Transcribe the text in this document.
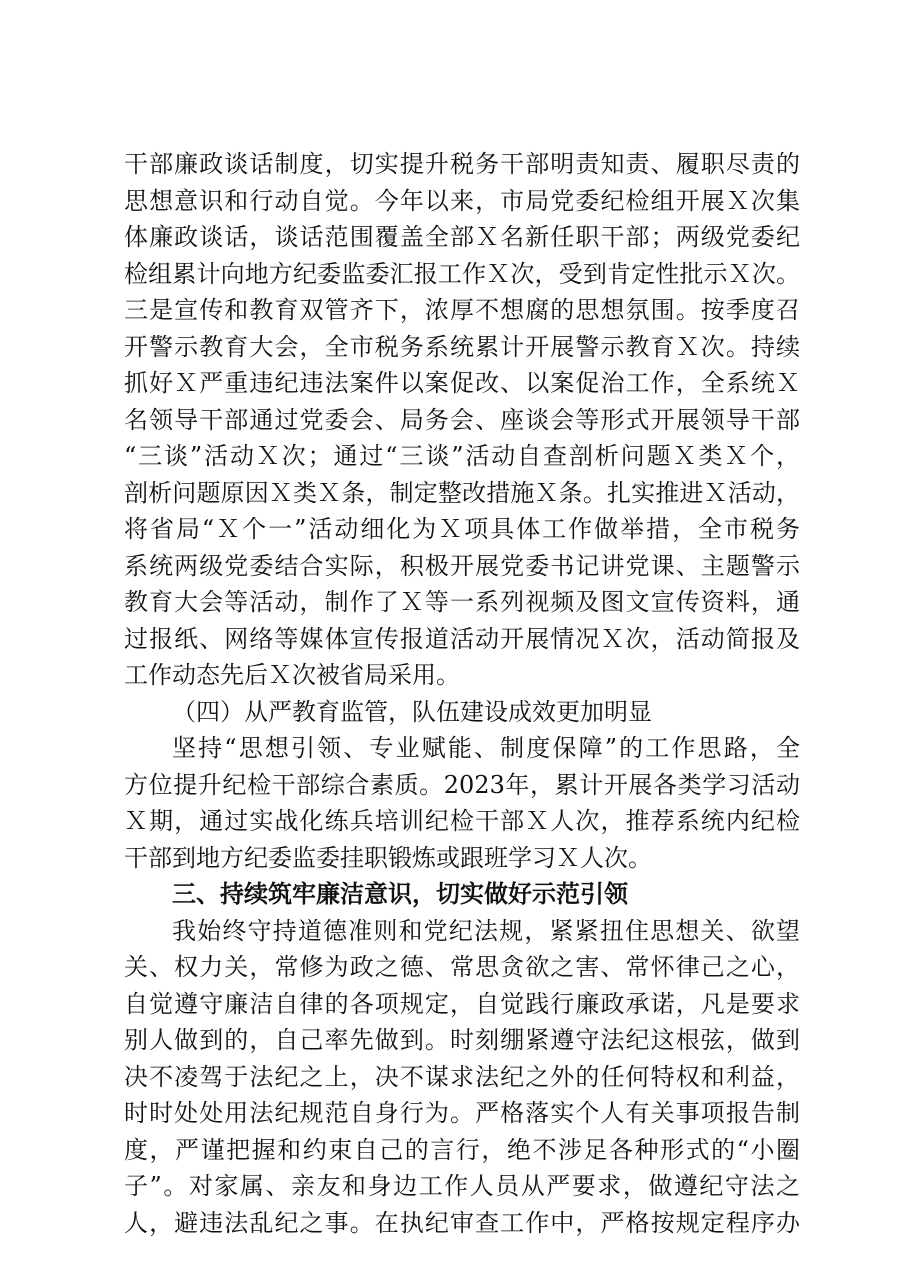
干部廉政谈话制度，切实提升税务干部明责知责、履职尽责的
思想意识和行动自觉。今年以来，市局党委纪检组开展Ｘ次集
体廉政谈话，谈话范围覆盖全部Ｘ名新任职干部；两级党委纪
检组累计向地方纪委监委汇报工作Ｘ次，受到肯定性批示Ｘ次。
三是宣传和教育双管齐下，浓厚不想腐的思想氛围。按季度召
开警示教育大会，全市税务系统累计开展警示教育Ｘ次。持续
抓好Ｘ严重违纪违法案件以案促改、以案促治工作，全系统Ｘ
名领导干部通过党委会、局务会、座谈会等形式开展领导干部
“三谈”活动Ｘ次；通过“三谈”活动自查剖析问题Ｘ类Ｘ个，
剖析问题原因Ｘ类Ｘ条，制定整改措施Ｘ条。扎实推进Ｘ活动，
将省局“Ｘ个一”活动细化为Ｘ项具体工作做举措，全市税务
系统两级党委结合实际，积极开展党委书记讲党课、主题警示
教育大会等活动，制作了Ｘ等一系列视频及图文宣传资料，通
过报纸、网络等媒体宣传报道活动开展情况Ｘ次，活动简报及
工作动态先后Ｘ次被省局采用。
（四）从严教育监管，队伍建设成效更加明显
坚持“思想引领、专业赋能、制度保障”的工作思路，全
方位提升纪检干部综合素质。2023年，累计开展各类学习活动
Ｘ期，通过实战化练兵培训纪检干部Ｘ人次，推荐系统内纪检
干部到地方纪委监委挂职锻炼或跟班学习Ｘ人次。
三、持续筑牢廉洁意识，切实做好示范引领
我始终守持道德准则和党纪法规，紧紧扭住思想关、欲望
关、权力关，常修为政之德、常思贪欲之害、常怀律己之心，
自觉遵守廉洁自律的各项规定，自觉践行廉政承诺，凡是要求
别人做到的，自己率先做到。时刻绷紧遵守法纪这根弦，做到
决不凌驾于法纪之上，决不谋求法纪之外的任何特权和利益，
时时处处用法纪规范自身行为。严格落实个人有关事项报告制
度，严谨把握和约束自己的言行，绝不涉足各种形式的“小圈
子”。对家属、亲友和身边工作人员从严要求，做遵纪守法之
人，避违法乱纪之事。在执纪审查工作中，严格按规定程序办
